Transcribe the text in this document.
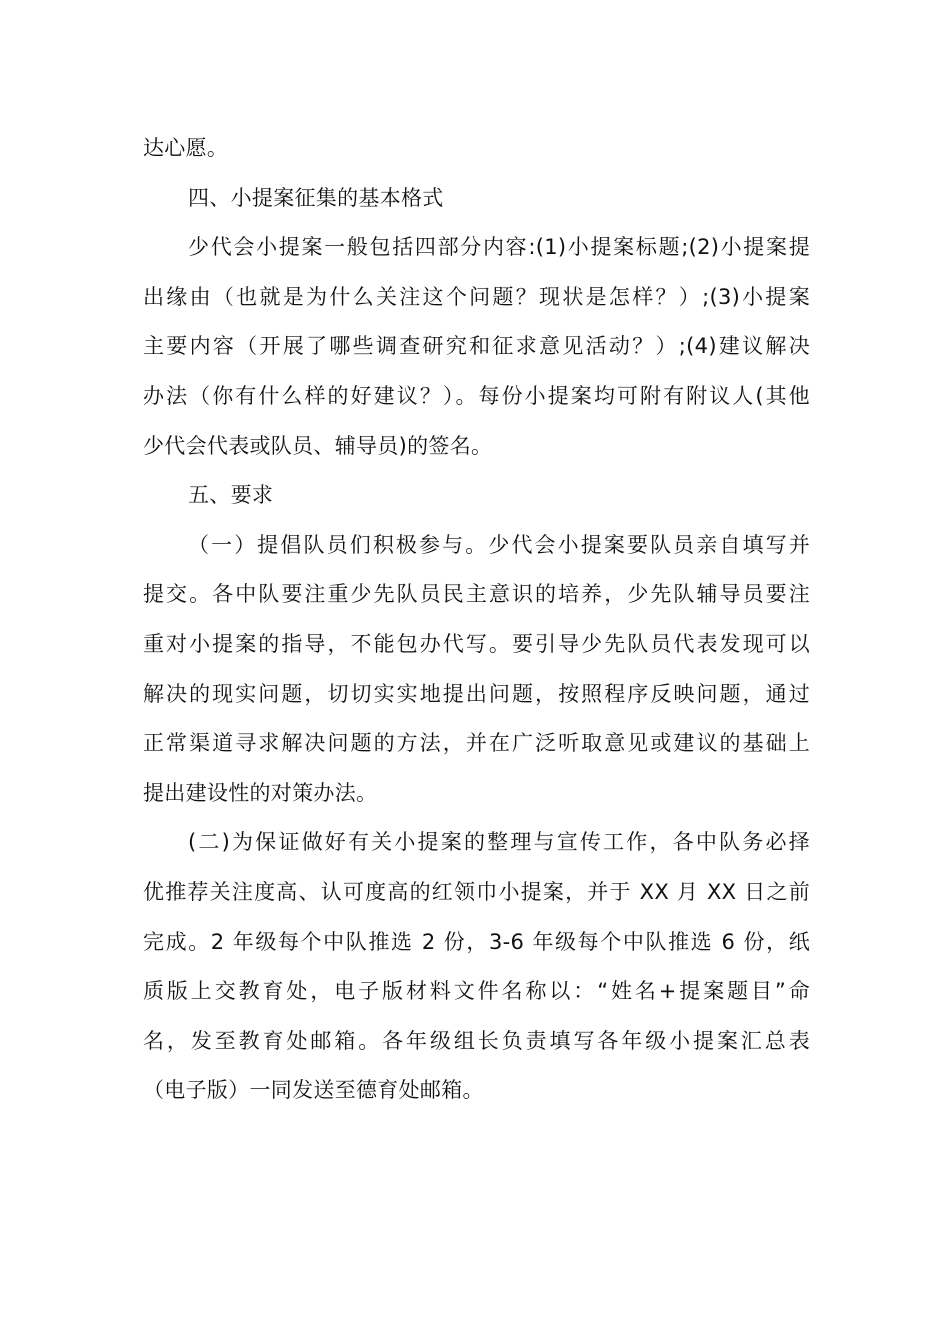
达心愿。
四、小提案征集的基本格式
少代会小提案一般包括四部分内容:(1)小提案标题;(2)小提案提
出缘由（也就是为什么关注这个问题？现状是怎样？）;(3)小提案
主要内容（开展了哪些调查研究和征求意见活动？）;(4)建议解决
办法（你有什么样的好建议？）。每份小提案均可附有附议人(其他
少代会代表或队员、辅导员)的签名。
五、要求
（一）提倡队员们积极参与。少代会小提案要队员亲自填写并
提交。各中队要注重少先队员民主意识的培养，少先队辅导员要注
重对小提案的指导，不能包办代写。要引导少先队员代表发现可以
解决的现实问题，切切实实地提出问题，按照程序反映问题，通过
正常渠道寻求解决问题的方法，并在广泛听取意见或建议的基础上
提出建设性的对策办法。
(二)为保证做好有关小提案的整理与宣传工作，各中队务必择
优推荐关注度高、认可度高的红领巾小提案，并于 XX 月 XX 日之前
完成。2 年级每个中队推选 2 份，3-6 年级每个中队推选 6 份，纸
质版上交教育处，电子版材料文件名称以：“姓名+提案题目”命
名，发至教育处邮箱。各年级组长负责填写各年级小提案汇总表
（电子版）一同发送至德育处邮箱。
